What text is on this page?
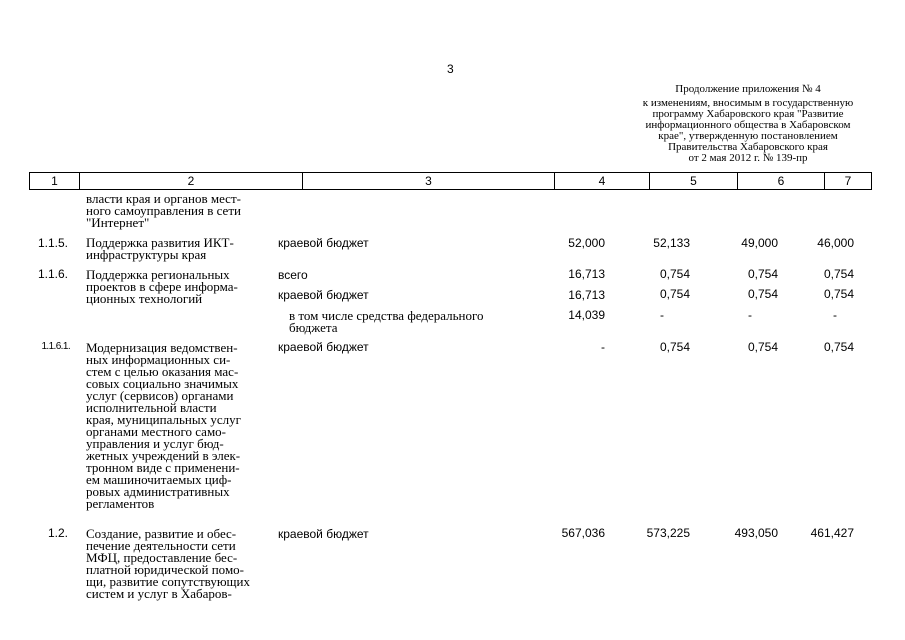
3
Продолжение приложения № 4
к изменениям, вносимым в государственную
программу Хабаровского края "Развитие
информационного общества в Хабаровском
крае", утвержденную постановлением
Правительства Хабаровского края
от 2 мая 2012 г. № 139-пр
1	2	3	4	5	6	7
власти края и органов мест-
ного самоуправления в сети
"Интернет"
1.1.5. Поддержка развития ИКТ-
инфраструктуры края
краевой бюджет	52,000	52,133	49,000	46,000
1.1.6. Поддержка региональных
проектов в сфере информа-
ционных технологий
всего	16,713	0,754	0,754	0,754
краевой бюджет	16,713	0,754	0,754	0,754
в том числе средства федерального
бюджета
14,039	-	-	-
1.1.6.1. Модернизация ведомствен-
ных информационных си-
стем с целью оказания мас-
совых социально значимых
услуг (сервисов) органами
исполнительной власти
края, муниципальных услуг
органами местного само-
управления и услуг бюд-
жетных учреждений в элек-
тронном виде с применени-
ем машиночитаемых циф-
ровых административных
регламентов
краевой бюджет	-	0,754	0,754	0,754
1.2. Создание, развитие и обес-
печение деятельности сети
МФЦ, предоставление бес-
платной юридической помо-
щи, развитие сопутствующих
систем и услуг в Хабаров-
краевой бюджет	567,036	573,225	493,050	461,427
